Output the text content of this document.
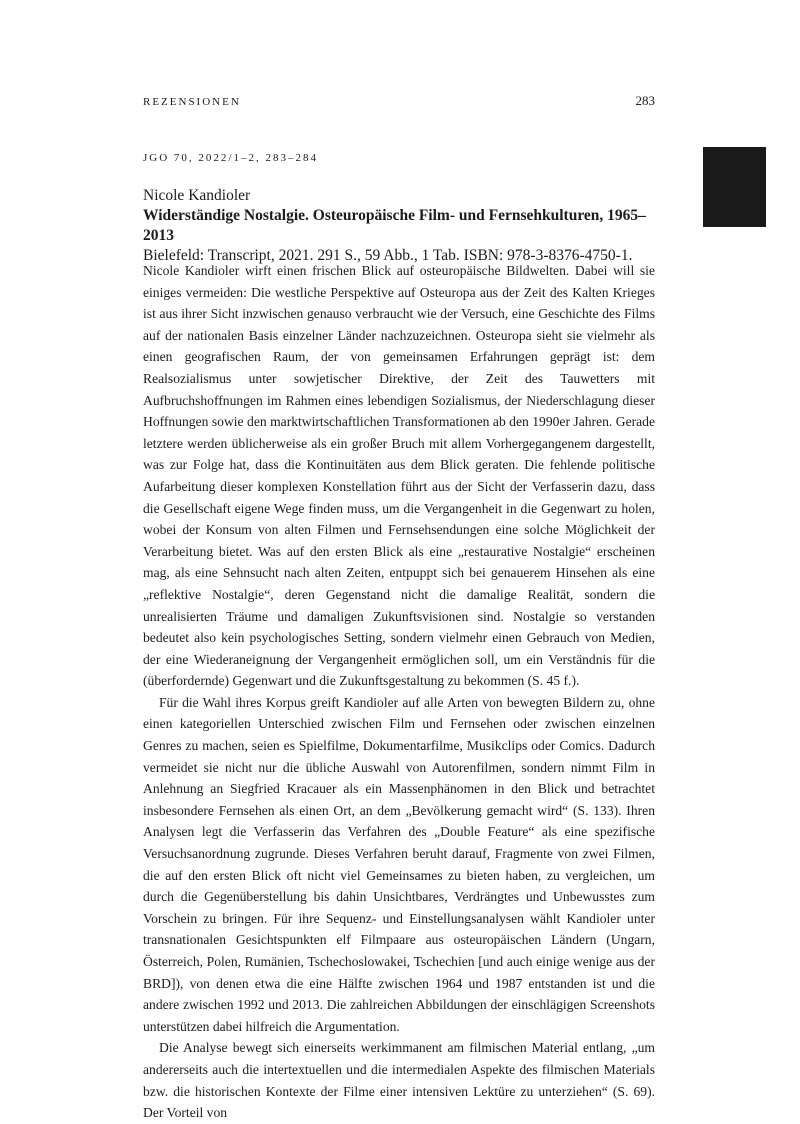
REZENSIONEN	283
JGO 70, 2022/1–2, 283–284
Nicole Kandioler
Widerständige Nostalgie. Osteuropäische Film- und Fernsehkulturen, 1965–2013
Bielefeld: Transcript, 2021. 291 S., 59 Abb., 1 Tab. ISBN: 978-3-8376-4750-1.

Nicole Kandioler wirft einen frischen Blick auf osteuropäische Bildwelten. Dabei will sie einiges vermeiden: Die westliche Perspektive auf Osteuropa aus der Zeit des Kalten Krieges ist aus ihrer Sicht inzwischen genauso verbraucht wie der Versuch, eine Geschichte des Films auf der nationalen Basis einzelner Länder nachzuzeichnen. Osteuropa sieht sie vielmehr als einen geografischen Raum, der von gemeinsamen Erfahrungen geprägt ist: dem Realsozialismus unter sowjetischer Direktive, der Zeit des Tauwetters mit Aufbruchshoffnungen im Rahmen eines lebendigen Sozialismus, der Niederschlagung dieser Hoffnungen sowie den marktwirtschaftlichen Transformationen ab den 1990er Jahren. Gerade letztere werden üblicherweise als ein großer Bruch mit allem Vorhergegangenem dargestellt, was zur Folge hat, dass die Kontinuitäten aus dem Blick geraten. Die fehlende politische Aufarbeitung dieser komplexen Konstellation führt aus der Sicht der Verfasserin dazu, dass die Gesellschaft eigene Wege finden muss, um die Vergangenheit in die Gegenwart zu holen, wobei der Konsum von alten Filmen und Fernsehsendungen eine solche Möglichkeit der Verarbeitung bietet. Was auf den ersten Blick als eine „restaurative Nostalgie“ erscheinen mag, als eine Sehnsucht nach alten Zeiten, entpuppt sich bei genauerem Hinsehen als eine „reflektive Nostalgie“, deren Gegenstand nicht die damalige Realität, sondern die unrealisierten Träume und damaligen Zukunftsvisionen sind. Nostalgie so verstanden bedeutet also kein psychologisches Setting, sondern vielmehr einen Gebrauch von Medien, der eine Wiederaneignung der Vergangenheit ermöglichen soll, um ein Verständnis für die (überfordernde) Gegenwart und die Zukunftsgestaltung zu bekommen (S. 45 f.).

Für die Wahl ihres Korpus greift Kandioler auf alle Arten von bewegten Bildern zu, ohne einen kategoriellen Unterschied zwischen Film und Fernsehen oder zwischen einzelnen Genres zu machen, seien es Spielfilme, Dokumentarfilme, Musikclips oder Comics. Dadurch vermeidet sie nicht nur die übliche Auswahl von Autorenfilmen, sondern nimmt Film in Anlehnung an Siegfried Kracauer als ein Massenphänomen in den Blick und betrachtet insbesondere Fernsehen als einen Ort, an dem „Bevölkerung gemacht wird“ (S. 133). Ihren Analysen legt die Verfasserin das Verfahren des „Double Feature“ als eine spezifische Versuchsanordnung zugrunde. Dieses Verfahren beruht darauf, Fragmente von zwei Filmen, die auf den ersten Blick oft nicht viel Gemeinsames zu bieten haben, zu vergleichen, um durch die Gegenüberstellung bis dahin Unsichtbares, Verdrängtes und Unbewusstes zum Vorschein zu bringen. Für ihre Sequenz- und Einstellungsanalysen wählt Kandioler unter transnationalen Gesichtspunkten elf Filmpaare aus osteuropäischen Ländern (Ungarn, Österreich, Polen, Rumänien, Tschechoslowakei, Tschechien [und auch einige wenige aus der BRD]), von denen etwa die eine Hälfte zwischen 1964 und 1987 entstanden ist und die andere zwischen 1992 und 2013. Die zahlreichen Abbildungen der einschlägigen Screenshots unterstützen dabei hilfreich die Argumentation.

Die Analyse bewegt sich einerseits werkimmanent am filmischen Material entlang, „um andererseits auch die intertextuellen und die intermedialen Aspekte des filmischen Materials bzw. die historischen Kontexte der Filme einer intensiven Lektüre zu unterziehen“ (S. 69). Der Vorteil von
